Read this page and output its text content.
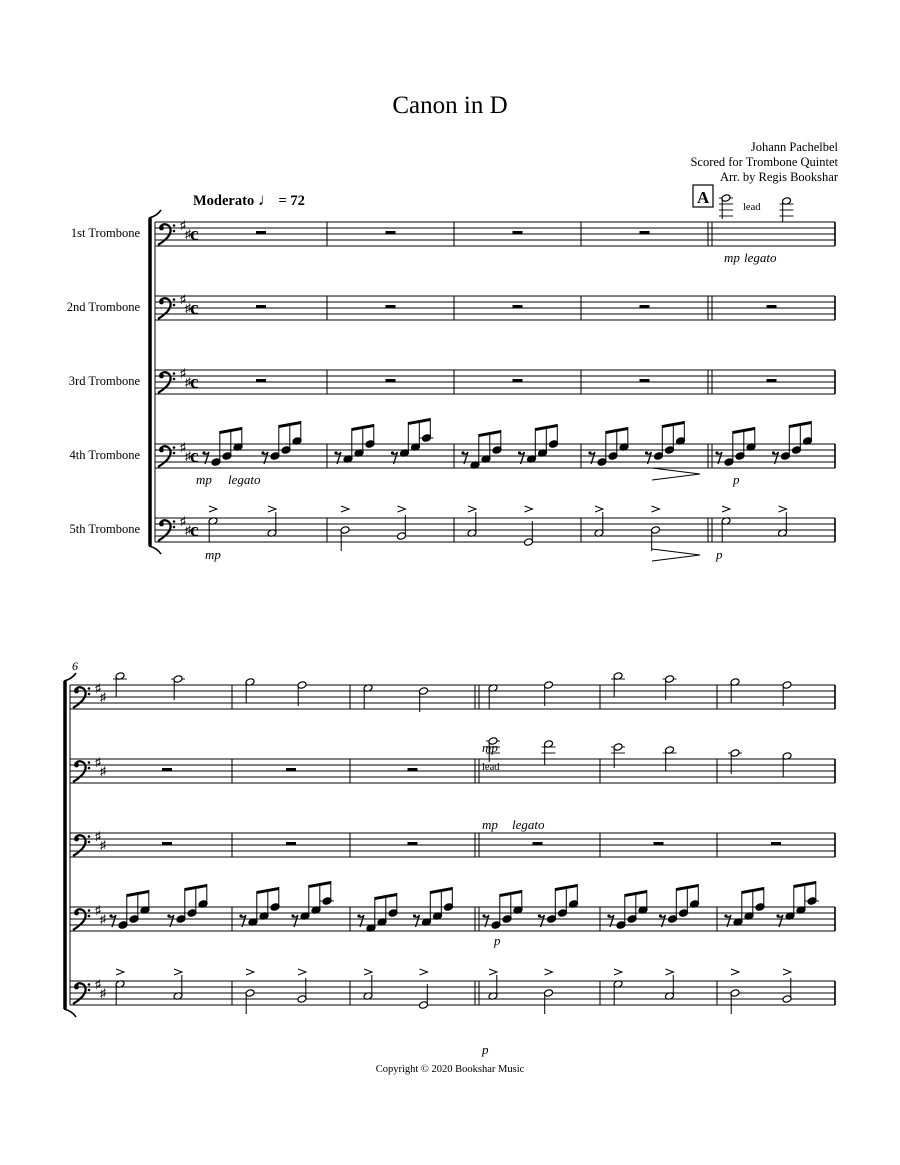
Canon in D
Johann Pachelbel
Scored for Trombone Quintet
Arr. by Regis Bookshar
Moderato ♩ = 72
1st Trombone
2nd Trombone
3rd Trombone
4th Trombone
5th Trombone
Copyright © 2020 Bookshar Music
♯
♯ c
♯
♯ c
♯
♯ c
♯
♯ c
♯
♯ c
♯
♯
♯
♯
♯
♯
♯
♯
♯
♯
mp legato
lead
mp legato	p
mp	p
A
6
mp
lead
mp legato
p
p
